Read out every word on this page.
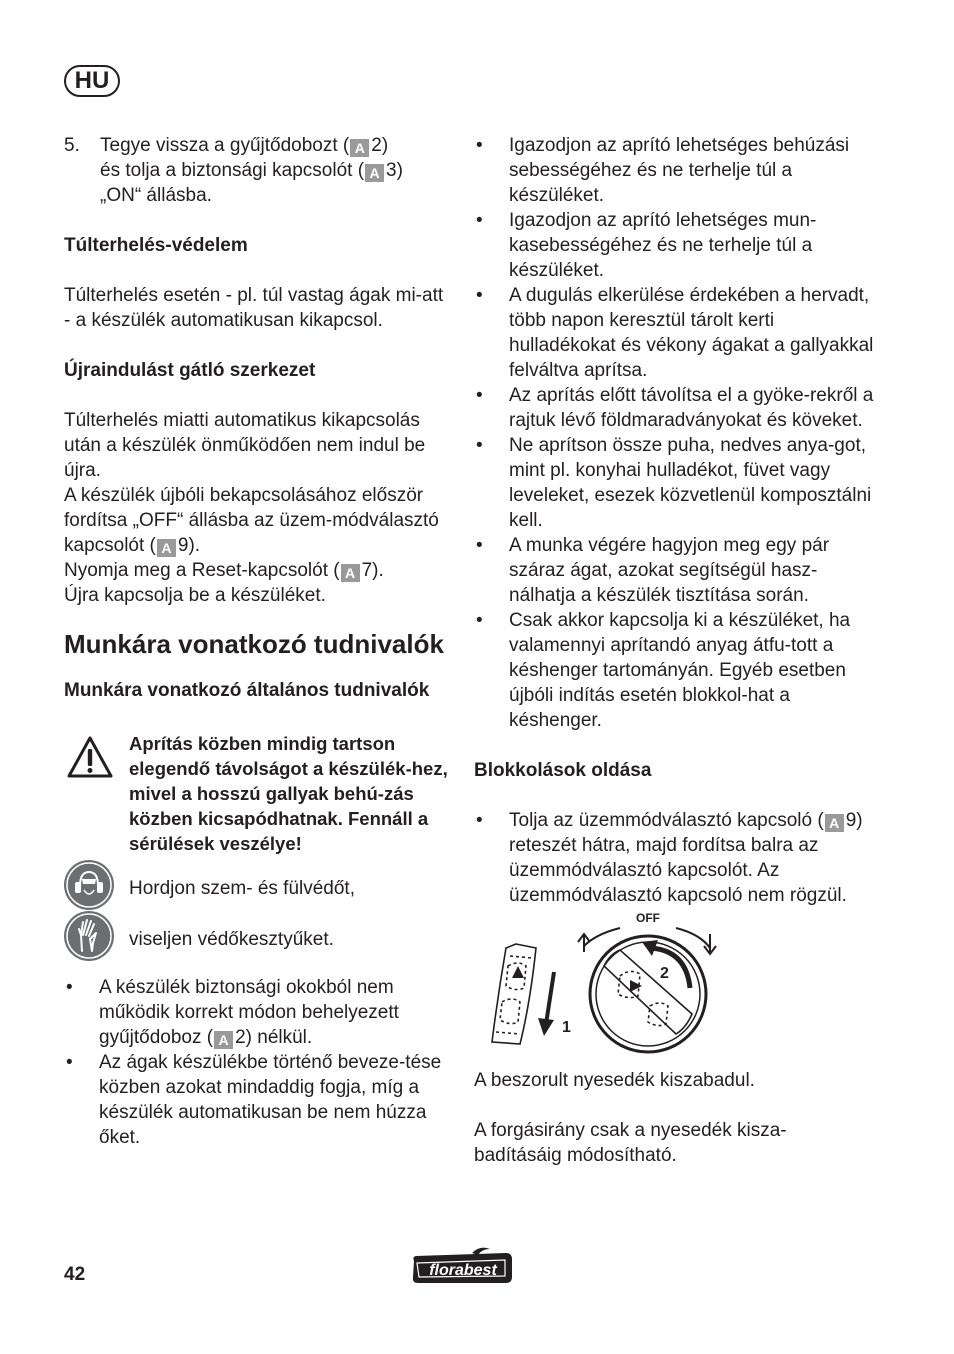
HU
5. Tegye vissza a gyűjtődobozt ( A 2)
és tolja a biztonsági kapcsolót ( A 3)
„ON“ állásba.

Túlterhelés-védelem

Túlterhelés esetén - pl. túl vastag ágak mi-att - a készülék automatikusan kikapcsol.

Újraindulást gátló szerkezet

Túlterhelés miatti automatikus kikapcsolás után a készülék önműködően nem indul be újra.

A készülék újbóli bekapcsolásához először fordítsa „OFF“ állásba az üzem-módválasztó kapcsolót ( A 9).

Nyomja meg a Reset-kapcsolót ( A 7).

Újra kapcsolja be a készüléket.

Munkára vonatkozó tudnivalók

Munkára vonatkozó általános tudnivalók

Aprítás közben mindig tartson elegendő távolságot a készülék-hez, mivel a hosszú gallyak behú-zás közben kicsapódhatnak. Fennáll a sérülések veszélye!

Hordjon szem- és fülvédőt,
viseljen védőkesztyűket.
• A készülék biztonsági okokból nem működik korrekt módon behelyezett gyűjtődoboz ( A 2) nélkül.
• Az ágak készülékbe történő beveze-tése közben azokat mindaddig fogja, míg a készülék automatikusan be nem húzza őket.
• Igazodjon az aprító lehetséges behúzási sebességéhez és ne terhelje túl a készüléket.
• Igazodjon az aprító lehetséges mun-kasebességéhez és ne terhelje túl a készüléket.
• A dugulás elkerülése érdekében a hervadt, több napon keresztül tárolt kerti hulladékokat és vékony ágakat a gallyakkal felváltva aprítsa.
• Az aprítás előtt távolítsa el a gyöke-rekről a rajtuk lévő földmaradványokat és köveket.
• Ne aprítson össze puha, nedves anya-got, mint pl. konyhai hulladékot, füvet vagy leveleket, esezek közvetlenül komposztálni kell.
• A munka végére hagyjon meg egy pár száraz ágat, azokat segítségül hasz-nálhatja a készülék tisztítása során.
• Csak akkor kapcsolja ki a készüléket, ha valamennyi aprítandó anyag átfu-tott a késhenger tartományán. Egyéb esetben újbóli indítás esetén blokkol-hat a késhenger.

Blokkolások oldása

• Tolja az üzemmódválasztó kapcsoló ( A 9) reteszét hátra, majd fordítsa balra az üzemmódválasztó kapcsolót. Az üzemmódválasztó kapcsoló nem rögzül.
1
2
OFF

A beszorult nyesedék kiszabadul.

A forgásirány csak a nyesedék kisza-badításáig módosítható.

42	florabest
